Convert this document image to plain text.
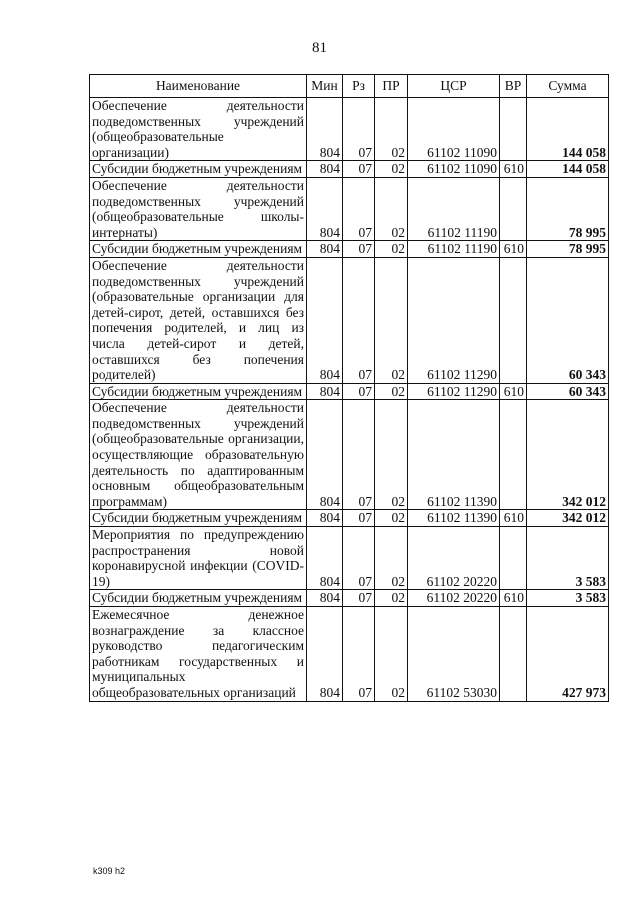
81
Наименование	Мин	Рз	ПР	ЦСР	ВР	Сумма
Обеспечение деятельности подведомственных учреждений (общеобразовательные организации)	804	07	02	61102 11090		144 058
Субсидии бюджетным учреждениям	804	07	02	61102 11090	610	144 058
Обеспечение деятельности подведомственных учреждений (общеобразовательные школы-интернаты)	804	07	02	61102 11190		78 995
Субсидии бюджетным учреждениям	804	07	02	61102 11190	610	78 995
Обеспечение деятельности подведомственных учреждений (образовательные организации для детей-сирот, детей, оставшихся без попечения родителей, и лиц из числа детей-сирот и детей, оставшихся без попечения родителей)	804	07	02	61102 11290		60 343
Субсидии бюджетным учреждениям	804	07	02	61102 11290	610	60 343
Обеспечение деятельности подведомственных учреждений (общеобразовательные организации, осуществляющие образовательную деятельность по адаптированным основным общеобразовательным программам)	804	07	02	61102 11390		342 012
Субсидии бюджетным учреждениям	804	07	02	61102 11390	610	342 012
Мероприятия по предупреждению распространения новой коронавирусной инфекции (COVID-19)	804	07	02	61102 20220		3 583
Субсидии бюджетным учреждениям	804	07	02	61102 20220	610	3 583
Ежемесячное денежное вознаграждение за классное руководство педагогическим работникам государственных и муниципальных общеобразовательных организаций	804	07	02	61102 53030		427 973
k309 h2
